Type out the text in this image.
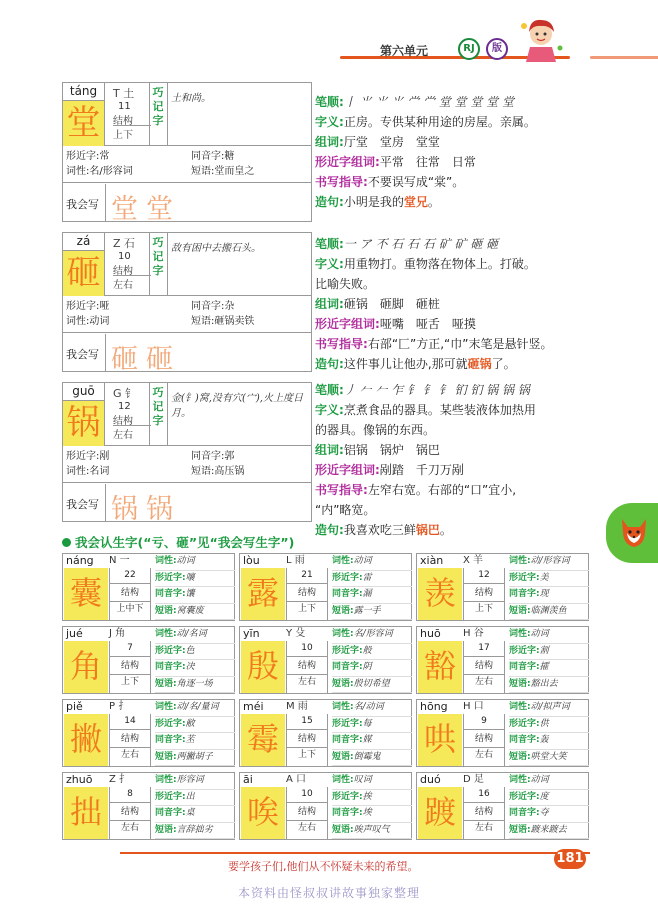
第六单元	RJ	版
táng
堂
T 土
11
结构
上下
巧记字
土和尚。
形近字:常	同音字:糖
词性:名/形容词	短语:堂而皇之
我会写 堂堂
zá
砸
Z 石
10
结构
左右
巧记字
敌有困中去搬石头。
形近字:哑	同音字:杂
词性:动词	短语:砸锅卖铁
我会写 砸砸
guō
锅
G 钅
12
结构
左右
巧记字
金(钅)窝,没有穴(宀),火上度日月。
形近字:剐	同音字:郭
词性:名词	短语:高压锅
我会写 锅锅
笔顺:丨 ⺌ ⺌ ⺌ 龸 龸 堂 堂 堂 堂 堂
字义:正房。专供某种用途的房屋。亲属。
组词:厅堂　堂房　堂堂
形近字组词:平常　往常　日常
书写指导:不要误写成“棠”。
造句:小明是我的堂兄。
笔顺:一 ア 不 石 石 石 矿 矿 砸 砸
字义:用重物打。重物落在物体上。打破。
比喻失败。
组词:砸锅　砸脚　砸桩
形近字组词:哑嘴　哑舌　哑摸
书写指导:右部“匚”方正,“巾”末笔是悬针竖。
造句:这件事儿让他办,那可就砸锅了。
笔顺:丿 𠂉 𠂉 乍 钅 钅 钅 钔 钔 锅 锅 锅
字义:烹煮食品的器具。某些装液体加热用
的器具。像锅的东西。
组词:铝锅　锅炉　锅巴
形近字组词:剐踏　千刀万剐
书写指导:左窄右宽。右部的“口”宜小,
“内”略宽。
造句:我喜欢吃三鲜锅巴。
我会认生字(“亏、砸”见“我会写生字”)
náng	N 一
囊	22
结构
上中下
词性:动词
形近字:嚷
同音字:馕
短语:窝囊废
lòu	L 雨
露	21
结构
上下
词性:动词
形近字:雷
同音字:漏
短语:露一手
xiàn	X 羊
羡	12
结构
上下
词性:动/形容词
形近字:美
同音字:现
短语:临渊羡鱼
jué	J 角
角	7
结构
上下
词性:动/名词
形近字:色
同音字:决
短语:角逐一场
yīn	Y 殳
殷	10
结构
左右
词性:名/形容词
形近字:般
同音字:阴
短语:殷切希望
huō	H 谷
豁	17
结构
左右
词性:动词
形近字:割
同音字:攉
短语:豁出去
piě	P 扌
撇	14
结构
左右
词性:动/名/量词
形近字:敝
同音字:苤
短语:两撇胡子
méi	M 雨
霉	15
结构
上下
词性:名/动词
形近字:每
同音字:媒
短语:倒霉鬼
hōng	H 口
哄	9
结构
左右
词性:动/拟声词
形近字:供
同音字:轰
短语:哄堂大笑
zhuō	Z 扌
拙	8
结构
左右
词性:形容词
形近字:出
同音字:桌
短语:言辞拙劣
āi	A 口
唉	10
结构
左右
词性:叹词
形近字:挨
同音字:埃
短语:唉声叹气
duó	D 足
踱	16
结构
左右
词性:动词
形近字:度
同音字:夺
短语:踱来踱去
要学孩子们,他们从不怀疑未来的希望。
181
本资料由怪叔叔讲故事独家整理
